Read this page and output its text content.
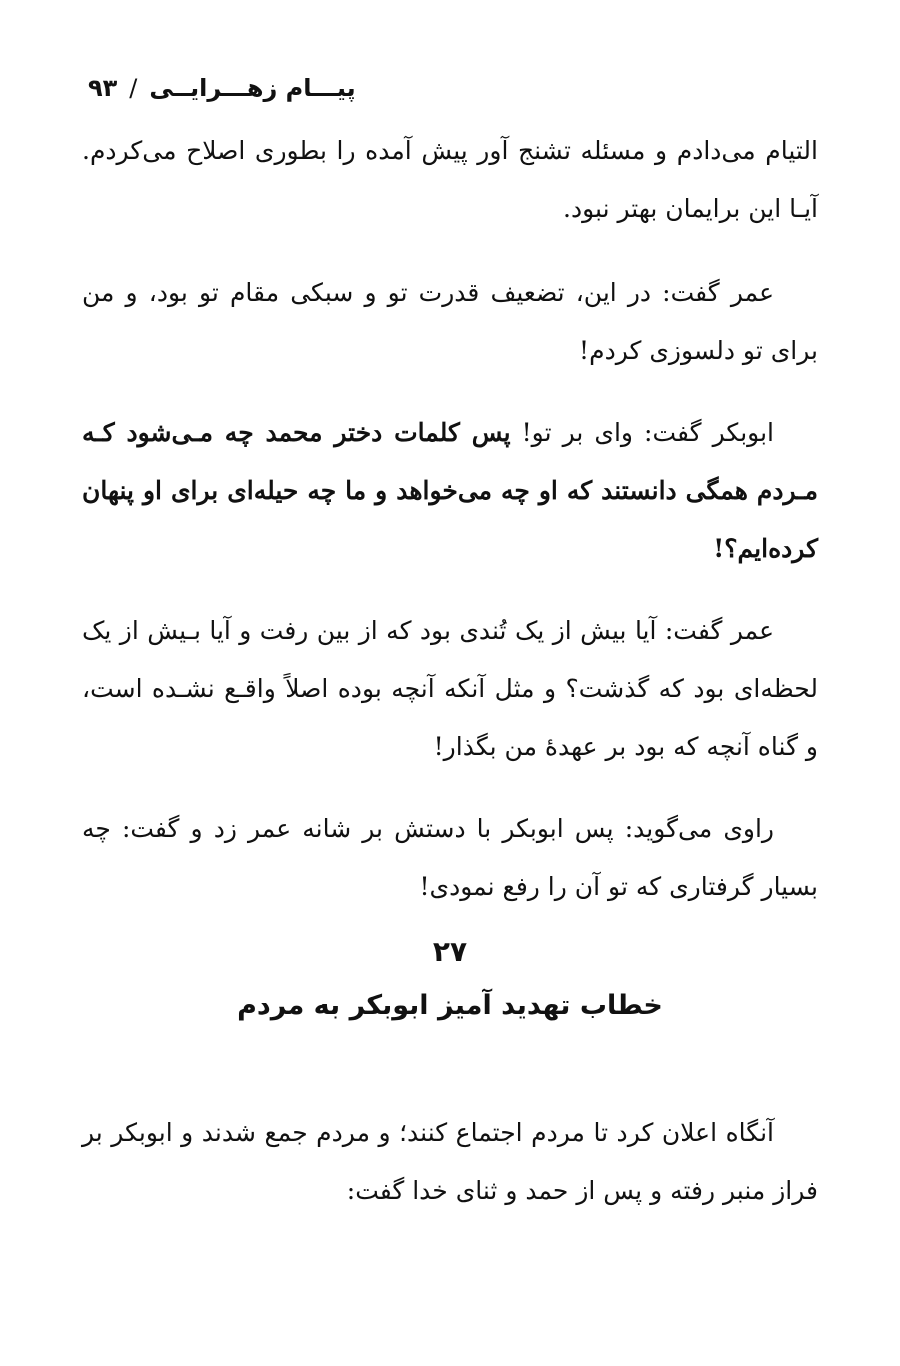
پیـــام زهـــرایــی/۹۳

التیام می‌دادم و مسئله تشنج آور پیش آمده را بطوری اصلاح می‌کردم. آیـا این برایمان بهتر نبود.

عمر گفت: در این، تضعیف قدرت تو و سبکی مقام تو بود، و من برای تو دلسوزی کردم!

ابوبکر گفت: وای بر تو! پس کلمات دختر محمد چه مـی‌شود کـه مـردم همگی دانستند که او چه می‌خواهد و ما چه حیله‌ای برای او پنهان کرده‌ایم؟!

عمر گفت: آیا بیش از یک تُندی بود که از بین رفت و آیا بـیش از یک لحظه‌ای بود که گذشت؟ و مثل آنکه آنچه بوده اصلاً واقـع نشـده است، و گناه آنچه که بود بر عهدهٔ من بگذار!

راوی می‌گوید: پس ابوبکر با دستش بر شانه عمر زد و گفت: چه بسیار گرفتاری که تو آن را رفع نمودی!

۲۷
خطاب تهدید آمیز ابوبکر به مردم

آنگاه اعلان کرد تا مردم اجتماع کنند؛ و مردم جمع شدند و ابوبکر بر فراز منبر رفته و پس از حمد و ثنای خدا گفت:
